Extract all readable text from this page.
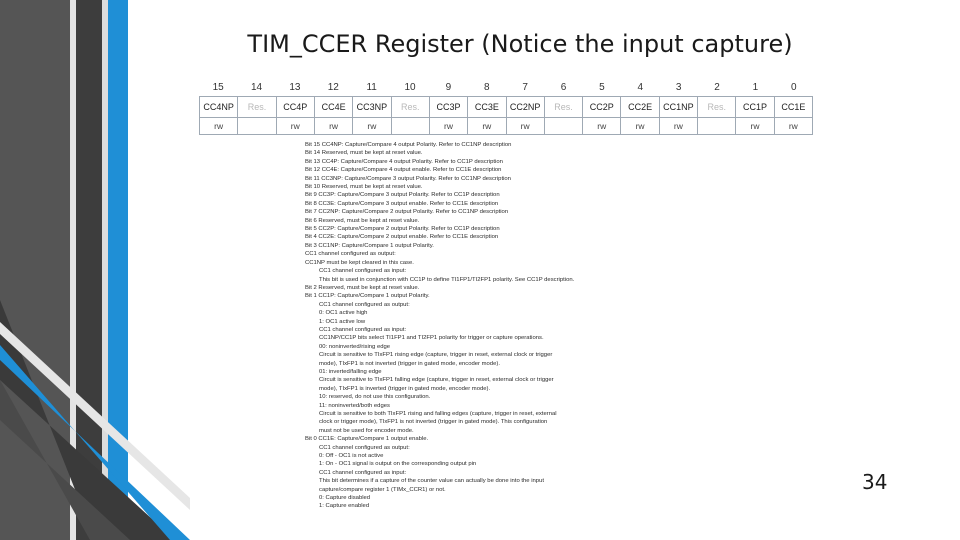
TIM_CCER Register (Notice the input capture)
15	14	13	12	11	10	9	8	7	6	5	4	3	2	1	0
CC4NP	Res.	CC4P	CC4E	CC3NP	Res.	CC3P	CC3E	CC2NP	Res.	CC2P	CC2E	CC1NP	Res.	CC1P	CC1E
rw		rw	rw	rw		rw	rw	rw		rw	rw	rw		rw	rw
Bit 15 CC4NP: Capture/Compare 4 output Polarity. Refer to CC1NP description
Bit 14 Reserved, must be kept at reset value.
Bit 13 CC4P: Capture/Compare 4 output Polarity. Refer to CC1P description
Bit 12 CC4E: Capture/Compare 4 output enable. Refer to CC1E description
Bit 11 CC3NP: Capture/Compare 3 output Polarity. Refer to CC1NP description
Bit 10 Reserved, must be kept at reset value.
Bit 9 CC3P: Capture/Compare 3 output Polarity. Refer to CC1P description
Bit 8 CC3E: Capture/Compare 3 output enable. Refer to CC1E description
Bit 7 CC2NP: Capture/Compare 2 output Polarity. Refer to CC1NP description
Bit 6 Reserved, must be kept at reset value.
Bit 5 CC2P: Capture/Compare 2 output Polarity. Refer to CC1P description
Bit 4 CC2E: Capture/Compare 2 output enable. Refer to CC1E description
Bit 3 CC1NP: Capture/Compare 1 output Polarity.
CC1 channel configured as output:
CC1NP must be kept cleared in this case.
CC1 channel configured as input:
This bit is used in conjunction with CC1P to define TI1FP1/TI2FP1 polarity. See CC1P description.
Bit 2 Reserved, must be kept at reset value.
Bit 1 CC1P: Capture/Compare 1 output Polarity.
CC1 channel configured as output:
0: OC1 active high
1: OC1 active low
CC1 channel configured as input:
CC1NP/CC1P bits select TI1FP1 and TI2FP1 polarity for trigger or capture operations.
00: noninverted/rising edge
Circuit is sensitive to TIxFP1 rising edge (capture, trigger in reset, external clock or trigger
mode), TIxFP1 is not inverted (trigger in gated mode, encoder mode).
01: inverted/falling edge
Circuit is sensitive to TIxFP1 falling edge (capture, trigger in reset, external clock or trigger
mode), TIxFP1 is inverted (trigger in gated mode, encoder mode).
10: reserved, do not use this configuration.
11: noninverted/both edges
Circuit is sensitive to both TIxFP1 rising and falling edges (capture, trigger in reset, external
clock or trigger mode), TIxFP1 is not inverted (trigger in gated mode). This configuration
must not be used for encoder mode.
Bit 0 CC1E: Capture/Compare 1 output enable.
CC1 channel configured as output:
0: Off - OC1 is not active
1: On - OC1 signal is output on the corresponding output pin
CC1 channel configured as input:
This bit determines if a capture of the counter value can actually be done into the input
capture/compare register 1 (TIMx_CCR1) or not.
0: Capture disabled
1: Capture enabled
34
